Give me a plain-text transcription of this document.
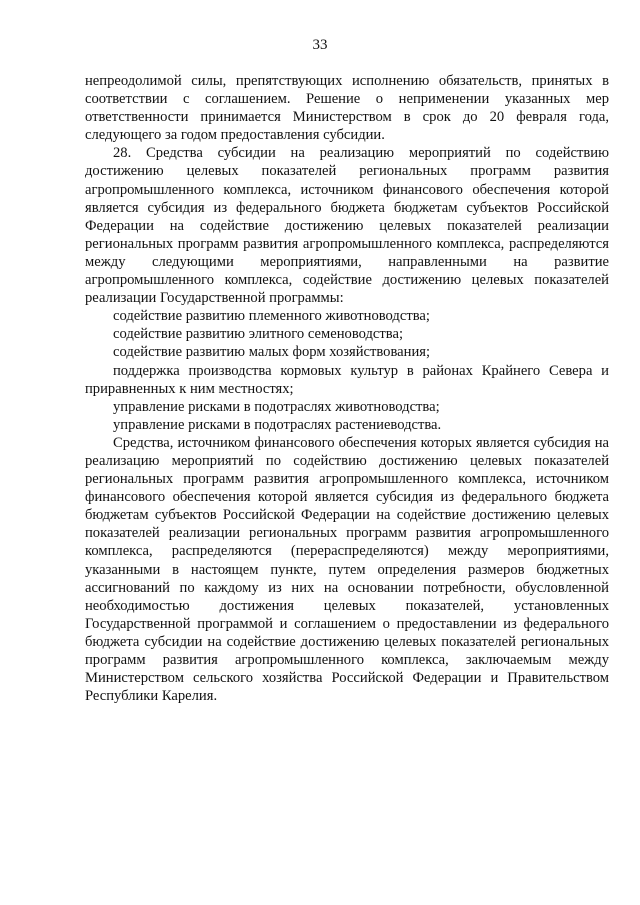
33

непреодолимой силы, препятствующих исполнению обязательств, принятых в соответствии с соглашением. Решение о неприменении указанных мер ответственности принимается Министерством в срок до 20 февраля года, следующего за годом предоставления субсидии.

28. Средства субсидии на реализацию мероприятий по содействию достижению целевых показателей региональных программ развития агропромышленного комплекса, источником финансового обеспечения которой является субсидия из федерального бюджета бюджетам субъектов Российской Федерации на содействие достижению целевых показателей реализации региональных программ развития агропромышленного комплекса, распределяются между следующими мероприятиями, направленными на развитие агропромышленного комплекса, содействие достижению целевых показателей реализации Государственной программы:

содействие развитию племенного животноводства;

содействие развитию элитного семеноводства;

содействие развитию малых форм хозяйствования;

поддержка производства кормовых культур в районах Крайнего Севера и приравненных к ним местностях;

управление рисками в подотраслях животноводства;

управление рисками в подотраслях растениеводства.

Средства, источником финансового обеспечения которых является субсидия на реализацию мероприятий по содействию достижению целевых показателей региональных программ развития агропромышленного комплекса, источником финансового обеспечения которой является субсидия из федерального бюджета бюджетам субъектов Российской Федерации на содействие достижению целевых показателей реализации региональных программ развития агропромышленного комплекса, распределяются (перераспределяются) между мероприятиями, указанными в настоящем пункте, путем определения размеров бюджетных ассигнований по каждому из них на основании потребности, обусловленной необходимостью достижения целевых показателей, установленных Государственной программой и соглашением о предоставлении из федерального бюджета субсидии на содействие достижению целевых показателей региональных программ развития агропромышленного комплекса, заключаемым между Министерством сельского хозяйства Российской Федерации и Правительством Республики Карелия.
